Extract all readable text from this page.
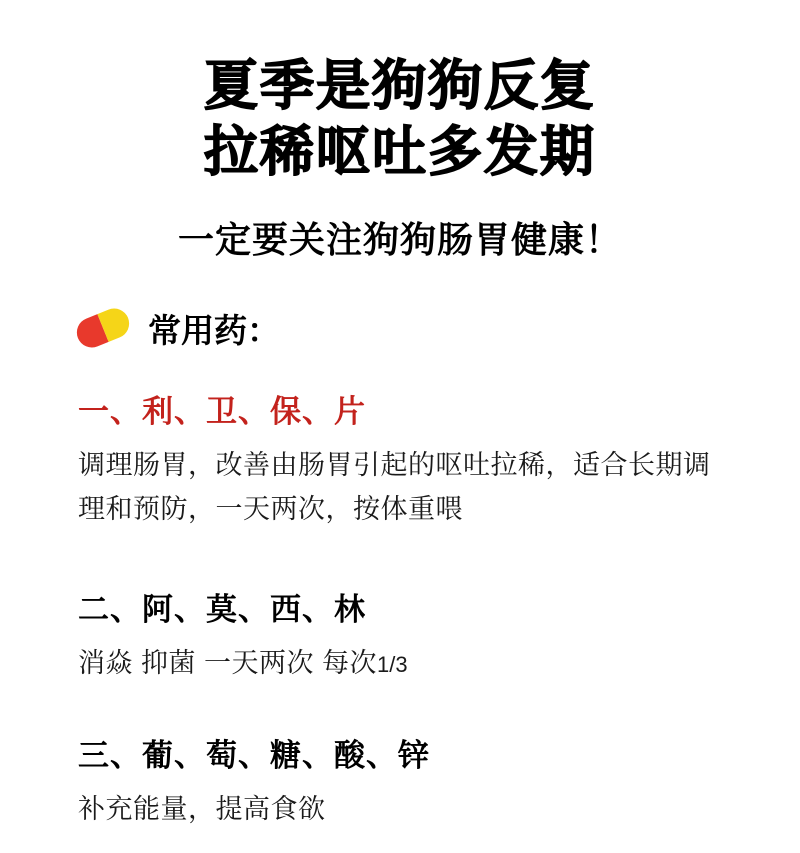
夏季是狗狗反复
拉稀呕吐多发期
一定要关注狗狗肠胃健康！
常用药：
一、利、卫、保、片
调理肠胃，改善由肠胃引起的呕吐拉稀，适合长期调理和预防，一天两次，按体重喂
二、阿、莫、西、林
消焱 抑菌 一天两次 每次1/3
三、葡、萄、糖、酸、锌
补充能量，提高食欲
